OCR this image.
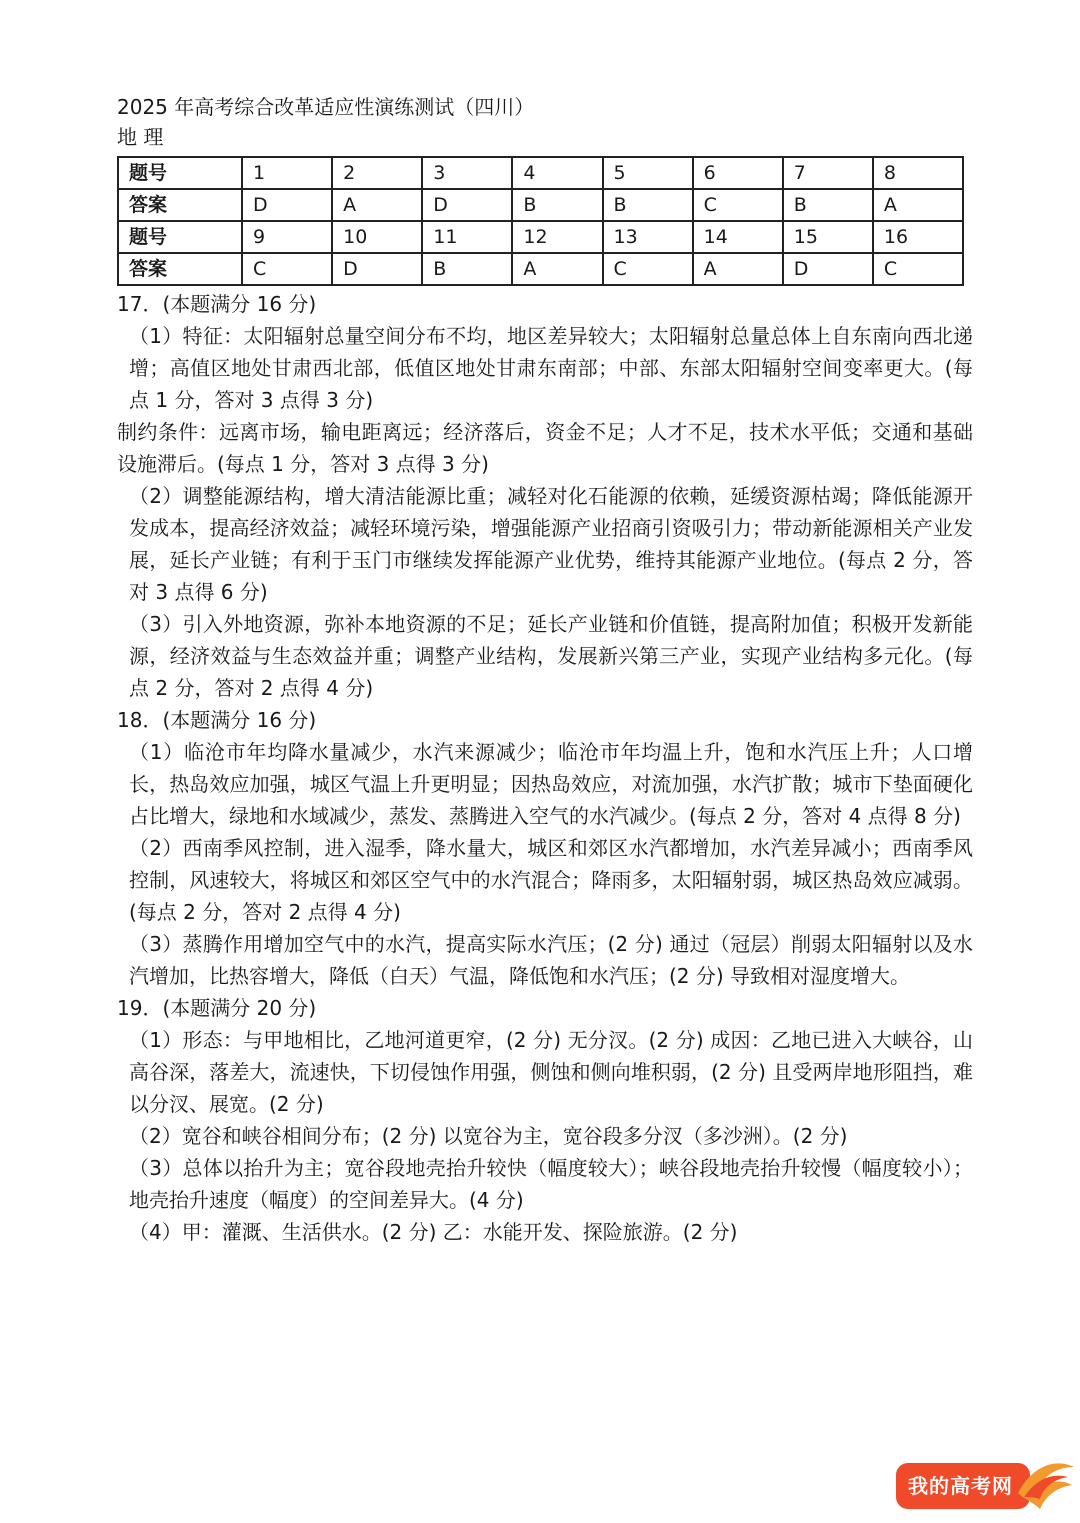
2025 年高考综合改革适应性演练测试（四川）
地 理
题号	1	2	3	4	5	6	7	8
答案	D	A	D	B	B	C	B	A
题号	9	10	11	12	13	14	15	16
答案	C	D	B	A	C	A	D	C
17．(本题满分 16 分)
（1）特征：太阳辐射总量空间分布不均，地区差异较大；太阳辐射总量总体上自东南向西北递增；高值区地处甘肃西北部，低值区地处甘肃东南部；中部、东部太阳辐射空间变率更大。(每点 1 分，答对 3 点得 3 分)
制约条件：远离市场，输电距离远；经济落后，资金不足；人才不足，技术水平低；交通和基础设施滞后。(每点 1 分，答对 3 点得 3 分)
（2）调整能源结构，增大清洁能源比重；减轻对化石能源的依赖，延缓资源枯竭；降低能源开发成本，提高经济效益；减轻环境污染，增强能源产业招商引资吸引力；带动新能源相关产业发展，延长产业链；有利于玉门市继续发挥能源产业优势，维持其能源产业地位。(每点 2 分，答对 3 点得 6 分)
（3）引入外地资源，弥补本地资源的不足；延长产业链和价值链，提高附加值；积极开发新能源，经济效益与生态效益并重；调整产业结构，发展新兴第三产业，实现产业结构多元化。(每点 2 分，答对 2 点得 4 分)
18．(本题满分 16 分)
（1）临沧市年均降水量减少，水汽来源减少；临沧市年均温上升，饱和水汽压上升；人口增长，热岛效应加强，城区气温上升更明显；因热岛效应，对流加强，水汽扩散；城市下垫面硬化占比增大，绿地和水域减少，蒸发、蒸腾进入空气的水汽减少。(每点 2 分，答对 4 点得 8 分)
（2）西南季风控制，进入湿季，降水量大，城区和郊区水汽都增加，水汽差异减小；西南季风控制，风速较大，将城区和郊区空气中的水汽混合；降雨多，太阳辐射弱，城区热岛效应减弱。(每点 2 分，答对 2 点得 4 分)
（3）蒸腾作用增加空气中的水汽，提高实际水汽压；(2 分) 通过（冠层）削弱太阳辐射以及水汽增加，比热容增大，降低（白天）气温，降低饱和水汽压；(2 分) 导致相对湿度增大。
19．(本题满分 20 分)
（1）形态：与甲地相比，乙地河道更窄，(2 分) 无分汊。(2 分) 成因：乙地已进入大峡谷，山高谷深，落差大，流速快，下切侵蚀作用强，侧蚀和侧向堆积弱，(2 分) 且受两岸地形阻挡，难以分汊、展宽。(2 分)
（2）宽谷和峡谷相间分布；(2 分) 以宽谷为主，宽谷段多分汊（多沙洲）。(2 分)
（3）总体以抬升为主；宽谷段地壳抬升较快（幅度较大）；峡谷段地壳抬升较慢（幅度较小）；地壳抬升速度（幅度）的空间差异大。(4 分)
（4）甲：灌溉、生活供水。(2 分) 乙：水能开发、探险旅游。(2 分)
我的高考网
